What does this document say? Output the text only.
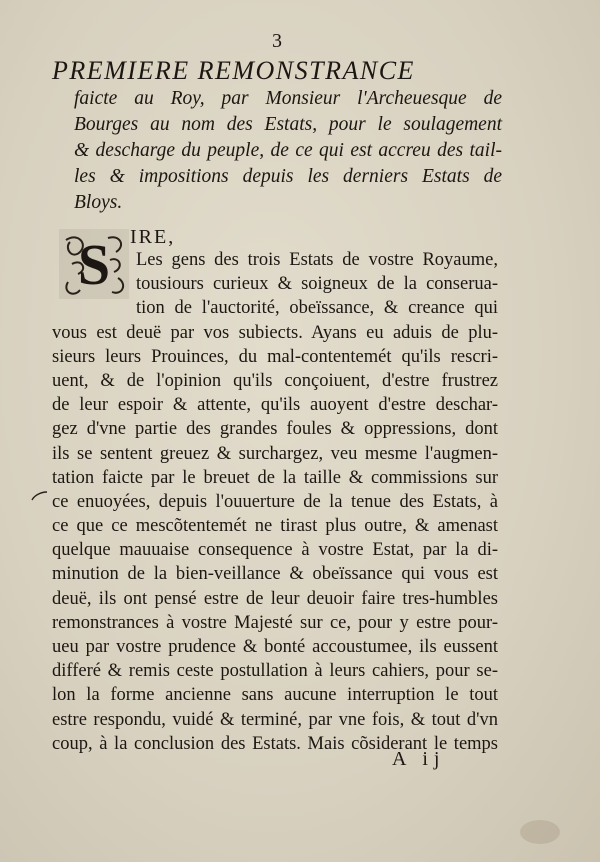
3
PREMIERE REMONSTRANCE
faicte au Roy, par Monsieur l'Archeuesque de
Bourges au nom des Estats, pour le soulagement
& descharge du peuple, de ce qui est accreu des tail-
les & impositions depuis les derniers Estats de
Bloys.
S IRE,
Les gens des trois Estats de vostre Royaume,
tousiours curieux & soigneux de la conserua-
tion de l'auctorité, obeïssance, & creance qui
vous est deuë par vos subiects. Ayans eu aduis de plu-
sieurs leurs Prouinces, du mal-contentemét qu'ils rescri-
uent, & de l'opinion qu'ils conçoiuent, d'estre frustrez
de leur espoir & attente, qu'ils auoyent d'estre deschar-
gez d'vne partie des grandes foules & oppressions, dont
ils se sentent greuez & surchargez, veu mesme l'augmen-
tation faicte par le breuet de la taille & commissions sur
ce enuoyées, depuis l'ouuerture de la tenue des Estats, à
ce que ce mescõtentemét ne tirast plus outre, & amenast
quelque mauuaise consequence à vostre Estat, par la di-
minution de la bien-veillance & obeïssance qui vous est
deuë, ils ont pensé estre de leur deuoir faire tres-humbles
remonstrances à vostre Majesté sur ce, pour y estre pour-
ueu par vostre prudence & bonté accoustumee, ils eussent
differé & remis ceste postullation à leurs cahiers, pour se-
lon la forme ancienne sans aucune interruption le tout
estre respondu, vuidé & terminé, par vne fois, & tout d'vn
coup, à la conclusion des Estats. Mais cõsiderant le temps
A ij
